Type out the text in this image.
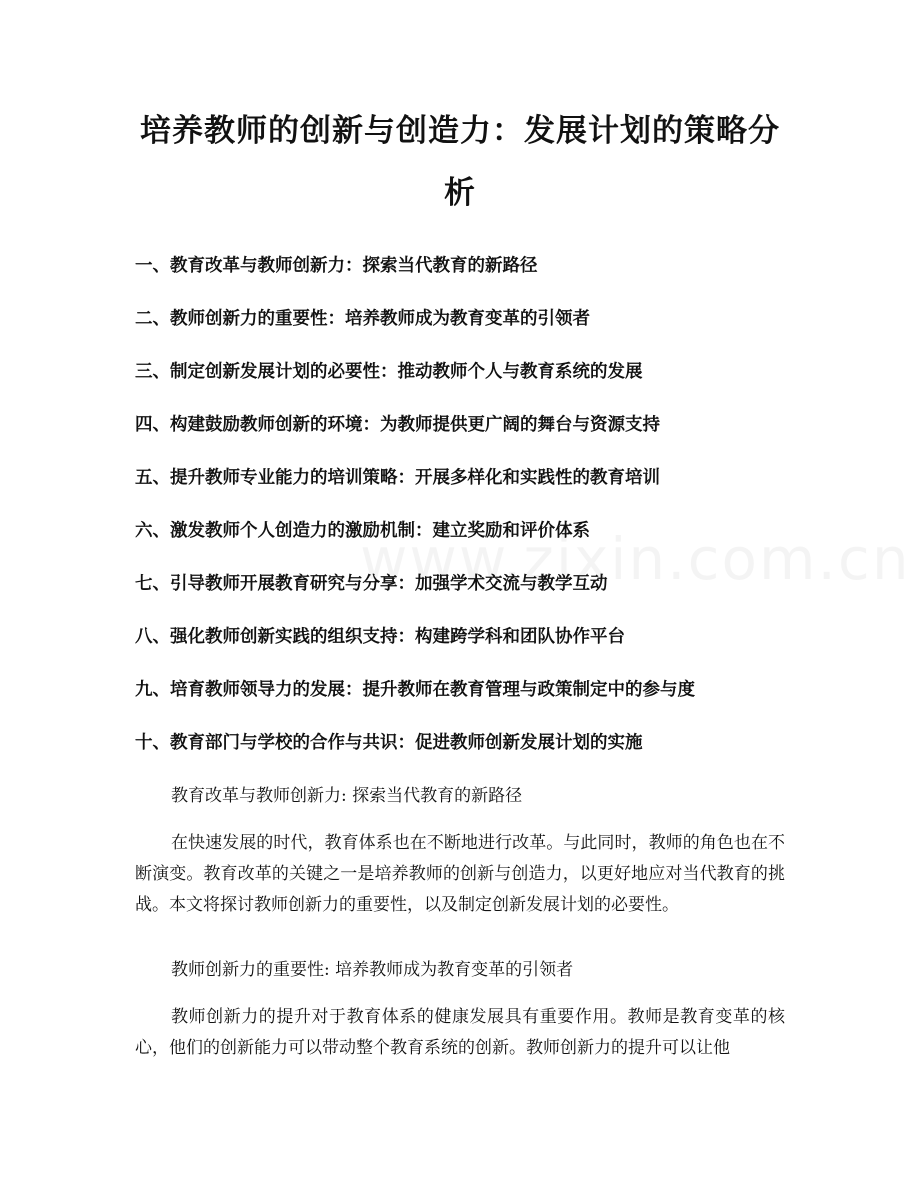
培养教师的创新与创造力：发展计划的策略分析
一、教育改革与教师创新力：探索当代教育的新路径
二、教师创新力的重要性：培养教师成为教育变革的引领者
三、制定创新发展计划的必要性：推动教师个人与教育系统的发展
四、构建鼓励教师创新的环境：为教师提供更广阔的舞台与资源支持
五、提升教师专业能力的培训策略：开展多样化和实践性的教育培训
六、激发教师个人创造力的激励机制：建立奖励和评价体系
七、引导教师开展教育研究与分享：加强学术交流与教学互动
八、强化教师创新实践的组织支持：构建跨学科和团队协作平台
九、培育教师领导力的发展：提升教师在教育管理与政策制定中的参与度
十、教育部门与学校的合作与共识：促进教师创新发展计划的实施

教育改革与教师创新力: 探索当代教育的新路径

在快速发展的时代，教育体系也在不断地进行改革。与此同时，教师的角色也在不断演变。教育改革的关键之一是培养教师的创新与创造力，以更好地应对当代教育的挑战。本文将探讨教师创新力的重要性，以及制定创新发展计划的必要性。

教师创新力的重要性: 培养教师成为教育变革的引领者

教师创新力的提升对于教育体系的健康发展具有重要作用。教师是教育变革的核心，他们的创新能力可以带动整个教育系统的创新。教师创新力的提升可以让他
